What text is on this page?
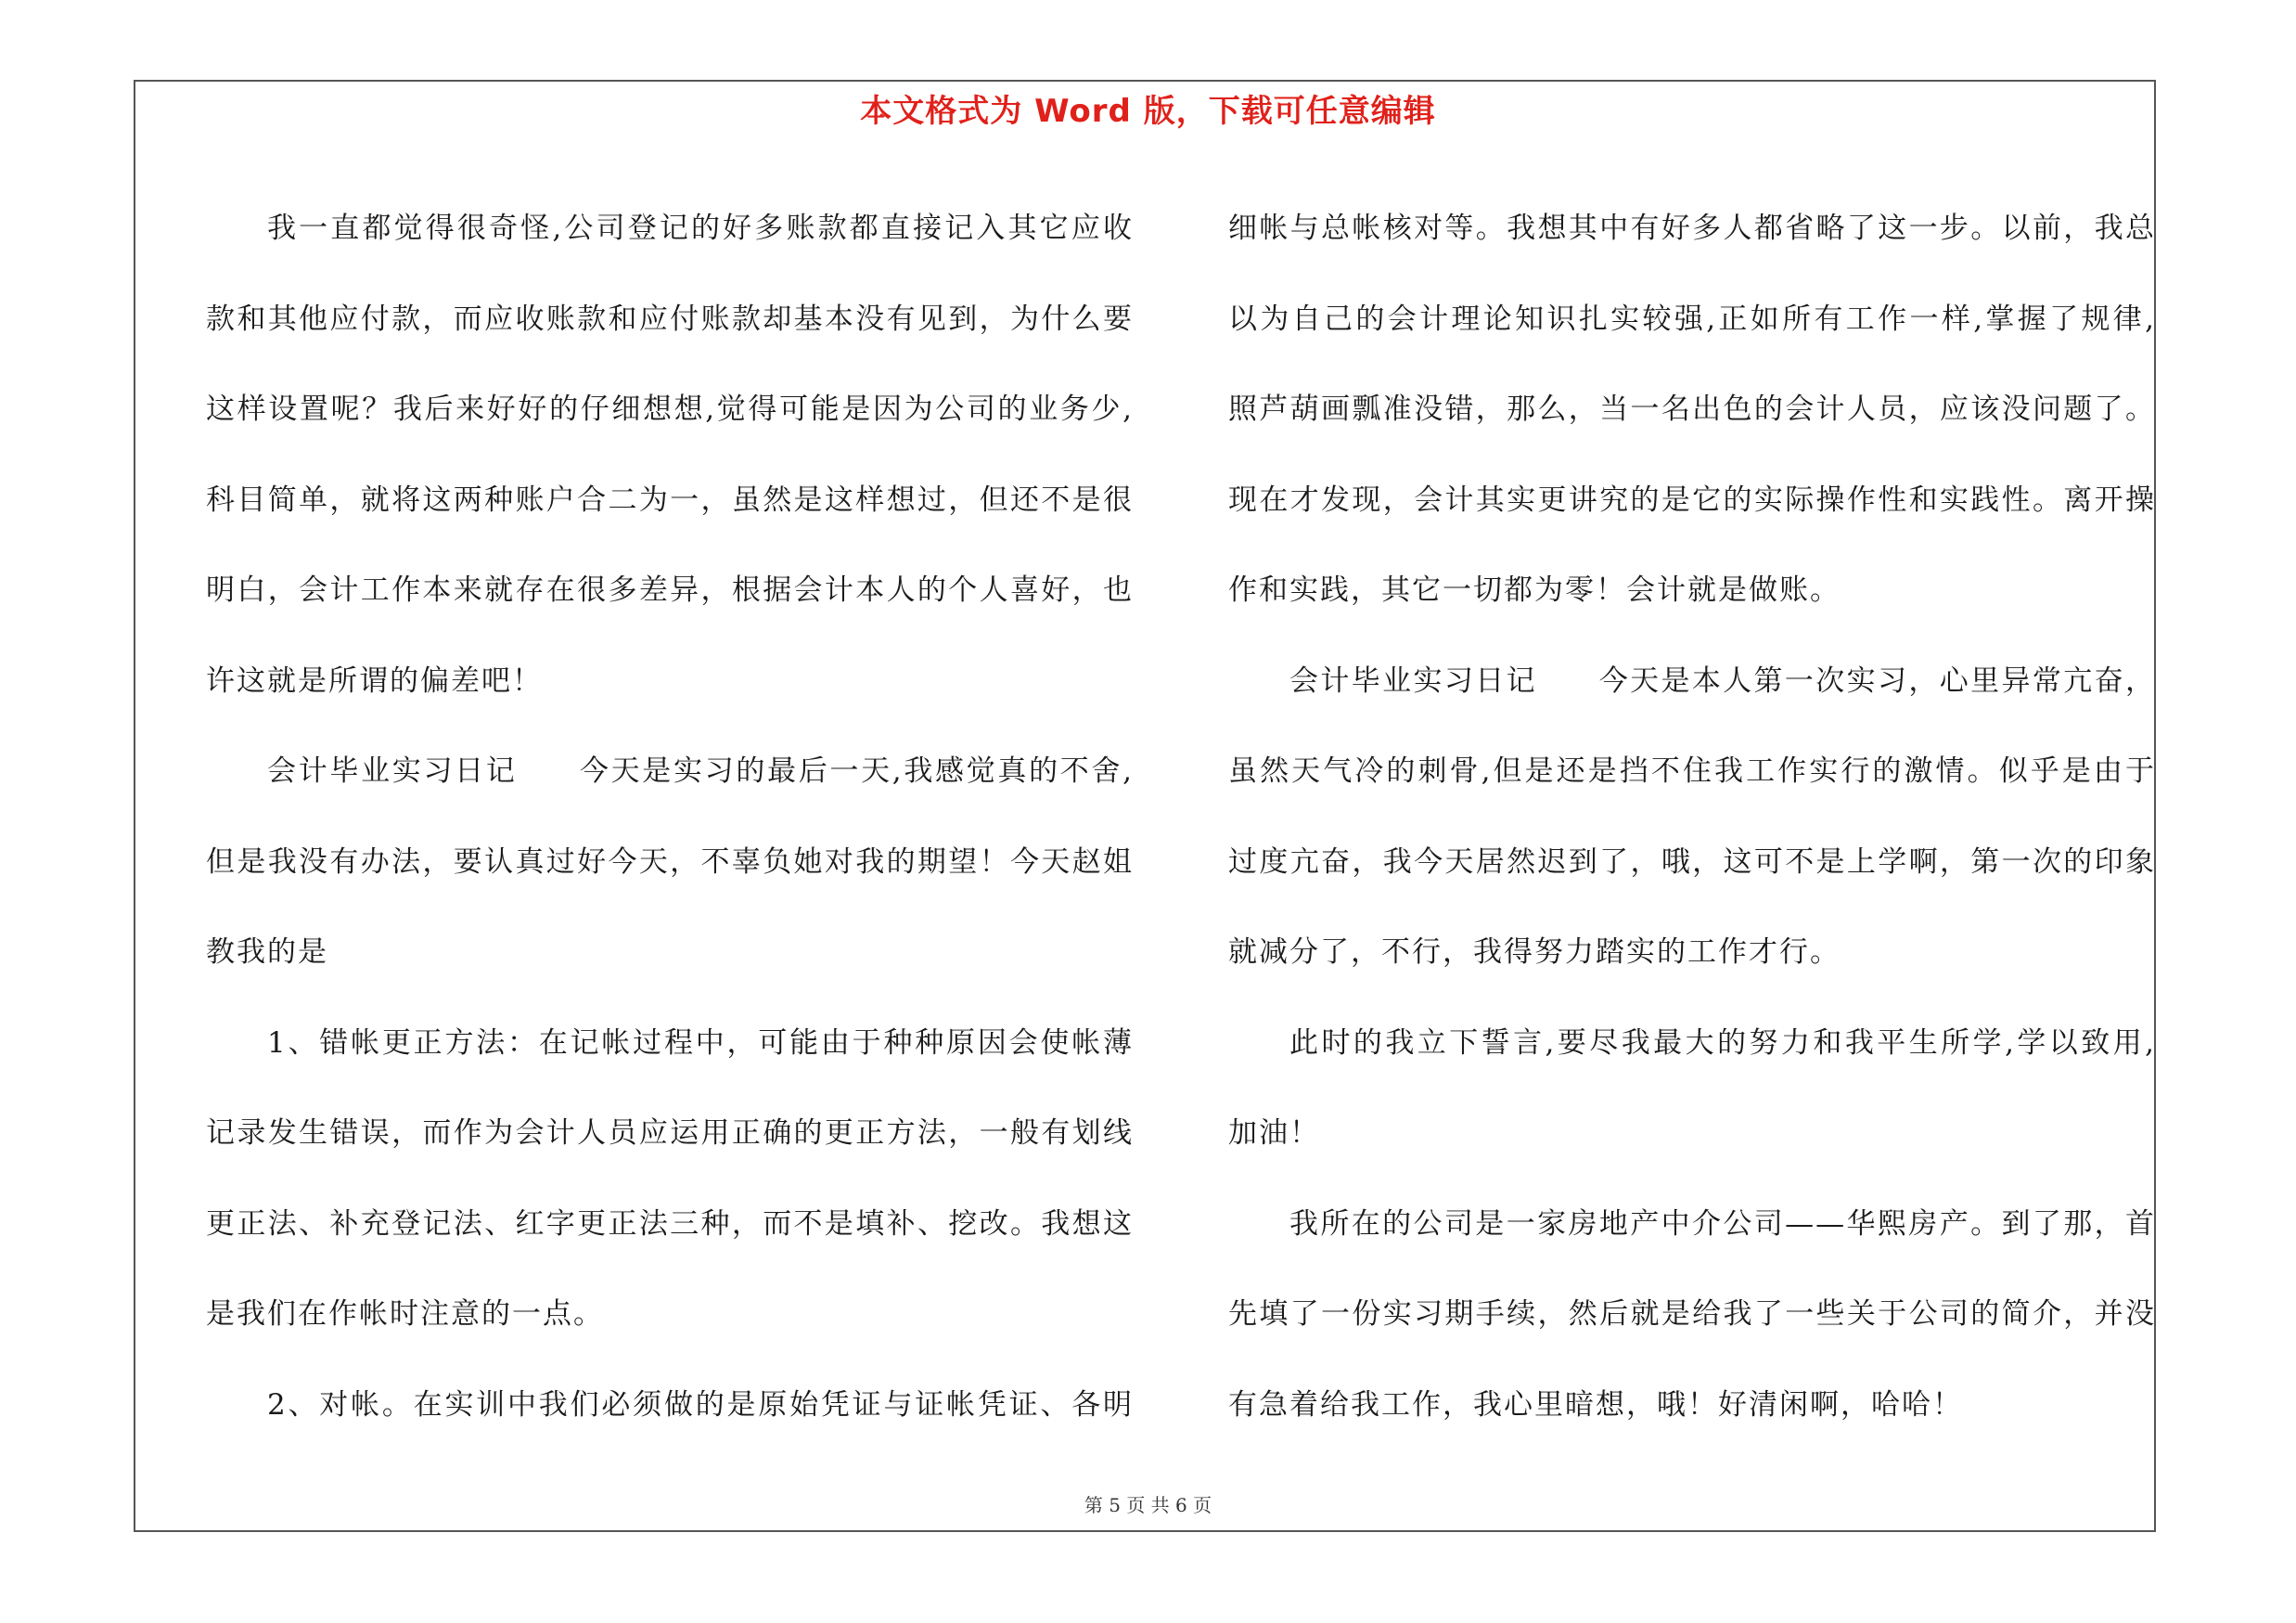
本文格式为 Word 版，下载可任意编辑
我一直都觉得很奇怪,公司登记的好多账款都直接记入其它应收
款和其他应付款，而应收账款和应付账款却基本没有见到，为什么要
这样设置呢？我后来好好的仔细想想,觉得可能是因为公司的业务少,
科目简单，就将这两种账户合二为一，虽然是这样想过，但还不是很
明白，会计工作本来就存在很多差异，根据会计本人的个人喜好，也
许这就是所谓的偏差吧！
会计毕业实习日记　　今天是实习的最后一天,我感觉真的不舍,
但是我没有办法，要认真过好今天，不辜负她对我的期望！今天赵姐
教我的是
1、错帐更正方法：在记帐过程中，可能由于种种原因会使帐薄
记录发生错误，而作为会计人员应运用正确的更正方法，一般有划线
更正法、补充登记法、红字更正法三种，而不是填补、挖改。我想这
是我们在作帐时注意的一点。
2、对帐。在实训中我们必须做的是原始凭证与证帐凭证、各明
细帐与总帐核对等。我想其中有好多人都省略了这一步。以前，我总
以为自己的会计理论知识扎实较强,正如所有工作一样,掌握了规律,
照芦葫画瓢准没错，那么，当一名出色的会计人员，应该没问题了。
现在才发现，会计其实更讲究的是它的实际操作性和实践性。离开操
作和实践，其它一切都为零！会计就是做账。
会计毕业实习日记　　今天是本人第一次实习，心里异常亢奋，
虽然天气冷的刺骨,但是还是挡不住我工作实行的激情。似乎是由于
过度亢奋，我今天居然迟到了，哦，这可不是上学啊，第一次的印象
就减分了，不行，我得努力踏实的工作才行。
此时的我立下誓言,要尽我最大的努力和我平生所学,学以致用,
加油！
我所在的公司是一家房地产中介公司——华熙房产。到了那，首
先填了一份实习期手续，然后就是给我了一些关于公司的简介，并没
有急着给我工作，我心里暗想，哦！好清闲啊，哈哈！
第 5 页 共 6 页
